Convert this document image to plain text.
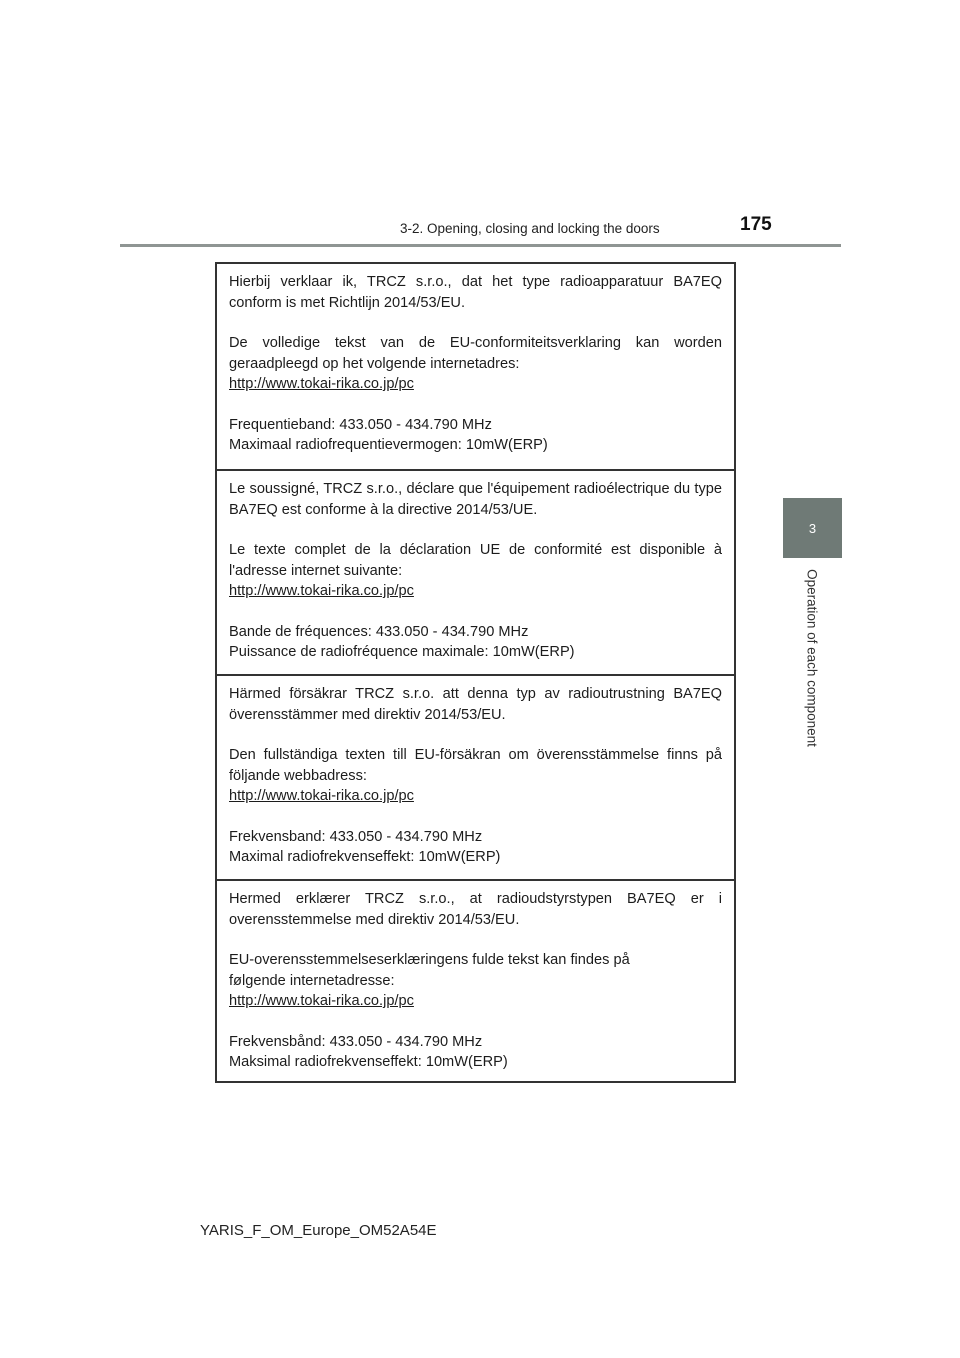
3-2. Opening, closing and locking the doors	175
3
Operation of each component

Hierbij verklaar ik, TRCZ s.r.o., dat het type radioapparatuur BA7EQ conform is met Richtlijn 2014/53/EU.

De volledige tekst van de EU-conformiteitsverklaring kan worden geraadpleegd op het volgende internetadres:

http://www.tokai-rika.co.jp/pc

Frequentieband: 433.050 - 434.790 MHz

Maximaal radiofrequentievermogen: 10mW(ERP)

Le soussigné, TRCZ s.r.o., déclare que l'équipement radioélectrique du type BA7EQ est conforme à la directive 2014/53/UE.

Le texte complet de la déclaration UE de conformité est disponible à l'adresse internet suivante:

http://www.tokai-rika.co.jp/pc

Bande de fréquences: 433.050 - 434.790 MHz

Puissance de radiofréquence maximale: 10mW(ERP)

Härmed försäkrar TRCZ s.r.o. att denna typ av radioutrustning BA7EQ överensstämmer med direktiv 2014/53/EU.

Den fullständiga texten till EU-försäkran om överensstämmelse finns på följande webbadress:

http://www.tokai-rika.co.jp/pc

Frekvensband: 433.050 - 434.790 MHz

Maximal radiofrekvenseffekt: 10mW(ERP)

Hermed erklærer TRCZ s.r.o., at radioudstyrstypen BA7EQ er i overensstemmelse med direktiv 2014/53/EU.

EU-overensstemmelseserklæringens fulde tekst kan findes på følgende internetadresse:

http://www.tokai-rika.co.jp/pc

Frekvensbånd: 433.050 - 434.790 MHz

Maksimal radiofrekvenseffekt: 10mW(ERP)

YARIS_F_OM_Europe_OM52A54E
